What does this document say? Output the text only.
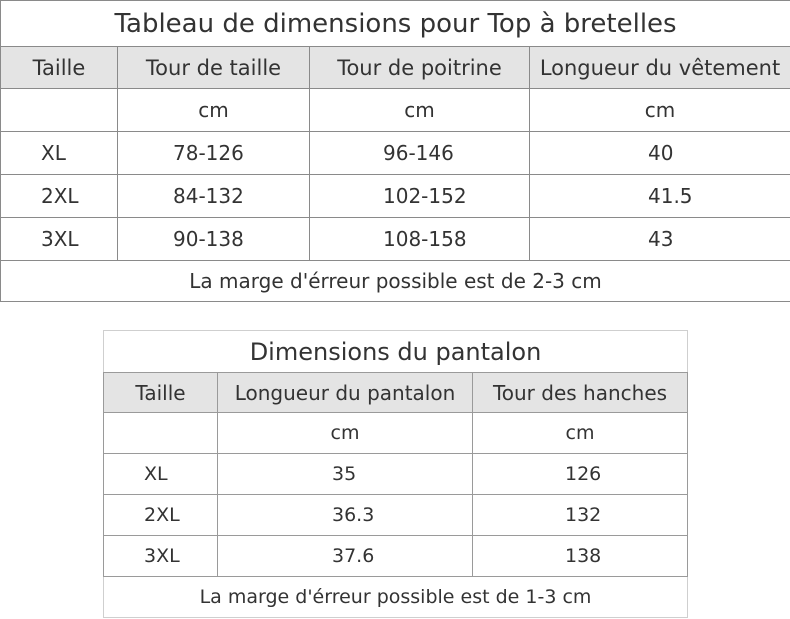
Tableau de dimensions pour Top à bretelles			
Taille	Tour de taille	Tour de poitrine	Longueur du vêtement
	cm	cm	cm
XL	78-126	96-146	40
2XL	84-132	102-152	41.5
3XL	90-138	108-158	43
La marge d'érreur possible est de 2-3 cm			
Dimensions du pantalon		
Taille	Longueur du pantalon	Tour des hanches
	cm	cm
XL	35	126
2XL	36.3	132
3XL	37.6	138
La marge d'érreur possible est de 1-3 cm		
